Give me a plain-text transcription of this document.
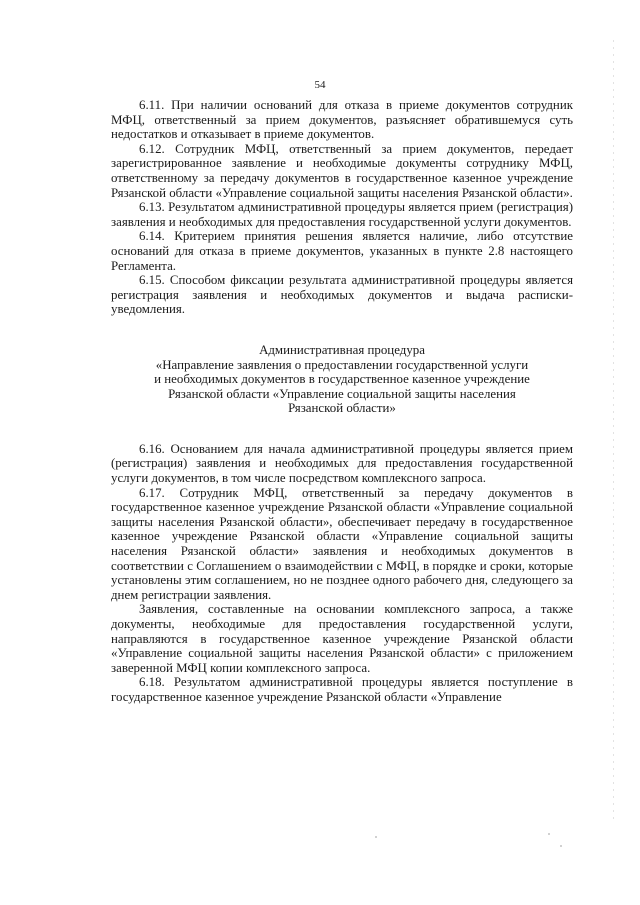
54

6.11. При наличии оснований для отказа в приеме документов сотрудник МФЦ, ответственный за прием документов, разъясняет обратившемуся суть недостатков и отказывает в приеме документов.

6.12. Сотрудник МФЦ, ответственный за прием документов, передает зарегистрированное заявление и необходимые документы сотруднику МФЦ, ответственному за передачу документов в государственное казенное учреждение Рязанской области «Управление социальной защиты населения Рязанской области».

6.13. Результатом административной процедуры является прием (регистрация) заявления и необходимых для предоставления государственной услуги документов.

6.14. Критерием принятия решения является наличие, либо отсутствие оснований для отказа в приеме документов, указанных в пункте 2.8 настоящего Регламента.

6.15. Способом фиксации результата административной процедуры является регистрация заявления и необходимых документов и выдача расписки-уведомления.

Административная процедура
«Направление заявления о предоставлении государственной услуги
и необходимых документов в государственное казенное учреждение
Рязанской области «Управление социальной защиты населения
Рязанской области»

6.16. Основанием для начала административной процедуры является прием (регистрация) заявления и необходимых для предоставления государственной услуги документов, в том числе посредством комплексного запроса.

6.17. Сотрудник МФЦ, ответственный за передачу документов в государственное казенное учреждение Рязанской области «Управление социальной защиты населения Рязанской области», обеспечивает передачу в государственное казенное учреждение Рязанской области «Управление социальной защиты населения Рязанской области» заявления и необходимых документов в соответствии с Соглашением о взаимодействии с МФЦ, в порядке и сроки, которые установлены этим соглашением, но не позднее одного рабочего дня, следующего за днем регистрации заявления.

Заявления, составленные на основании комплексного запроса, а также документы, необходимые для предоставления государственной услуги, направляются в государственное казенное учреждение Рязанской области «Управление социальной защиты населения Рязанской области» с приложением заверенной МФЦ копии комплексного запроса.

6.18. Результатом административной процедуры является поступление в государственное казенное учреждение Рязанской области «Управление
